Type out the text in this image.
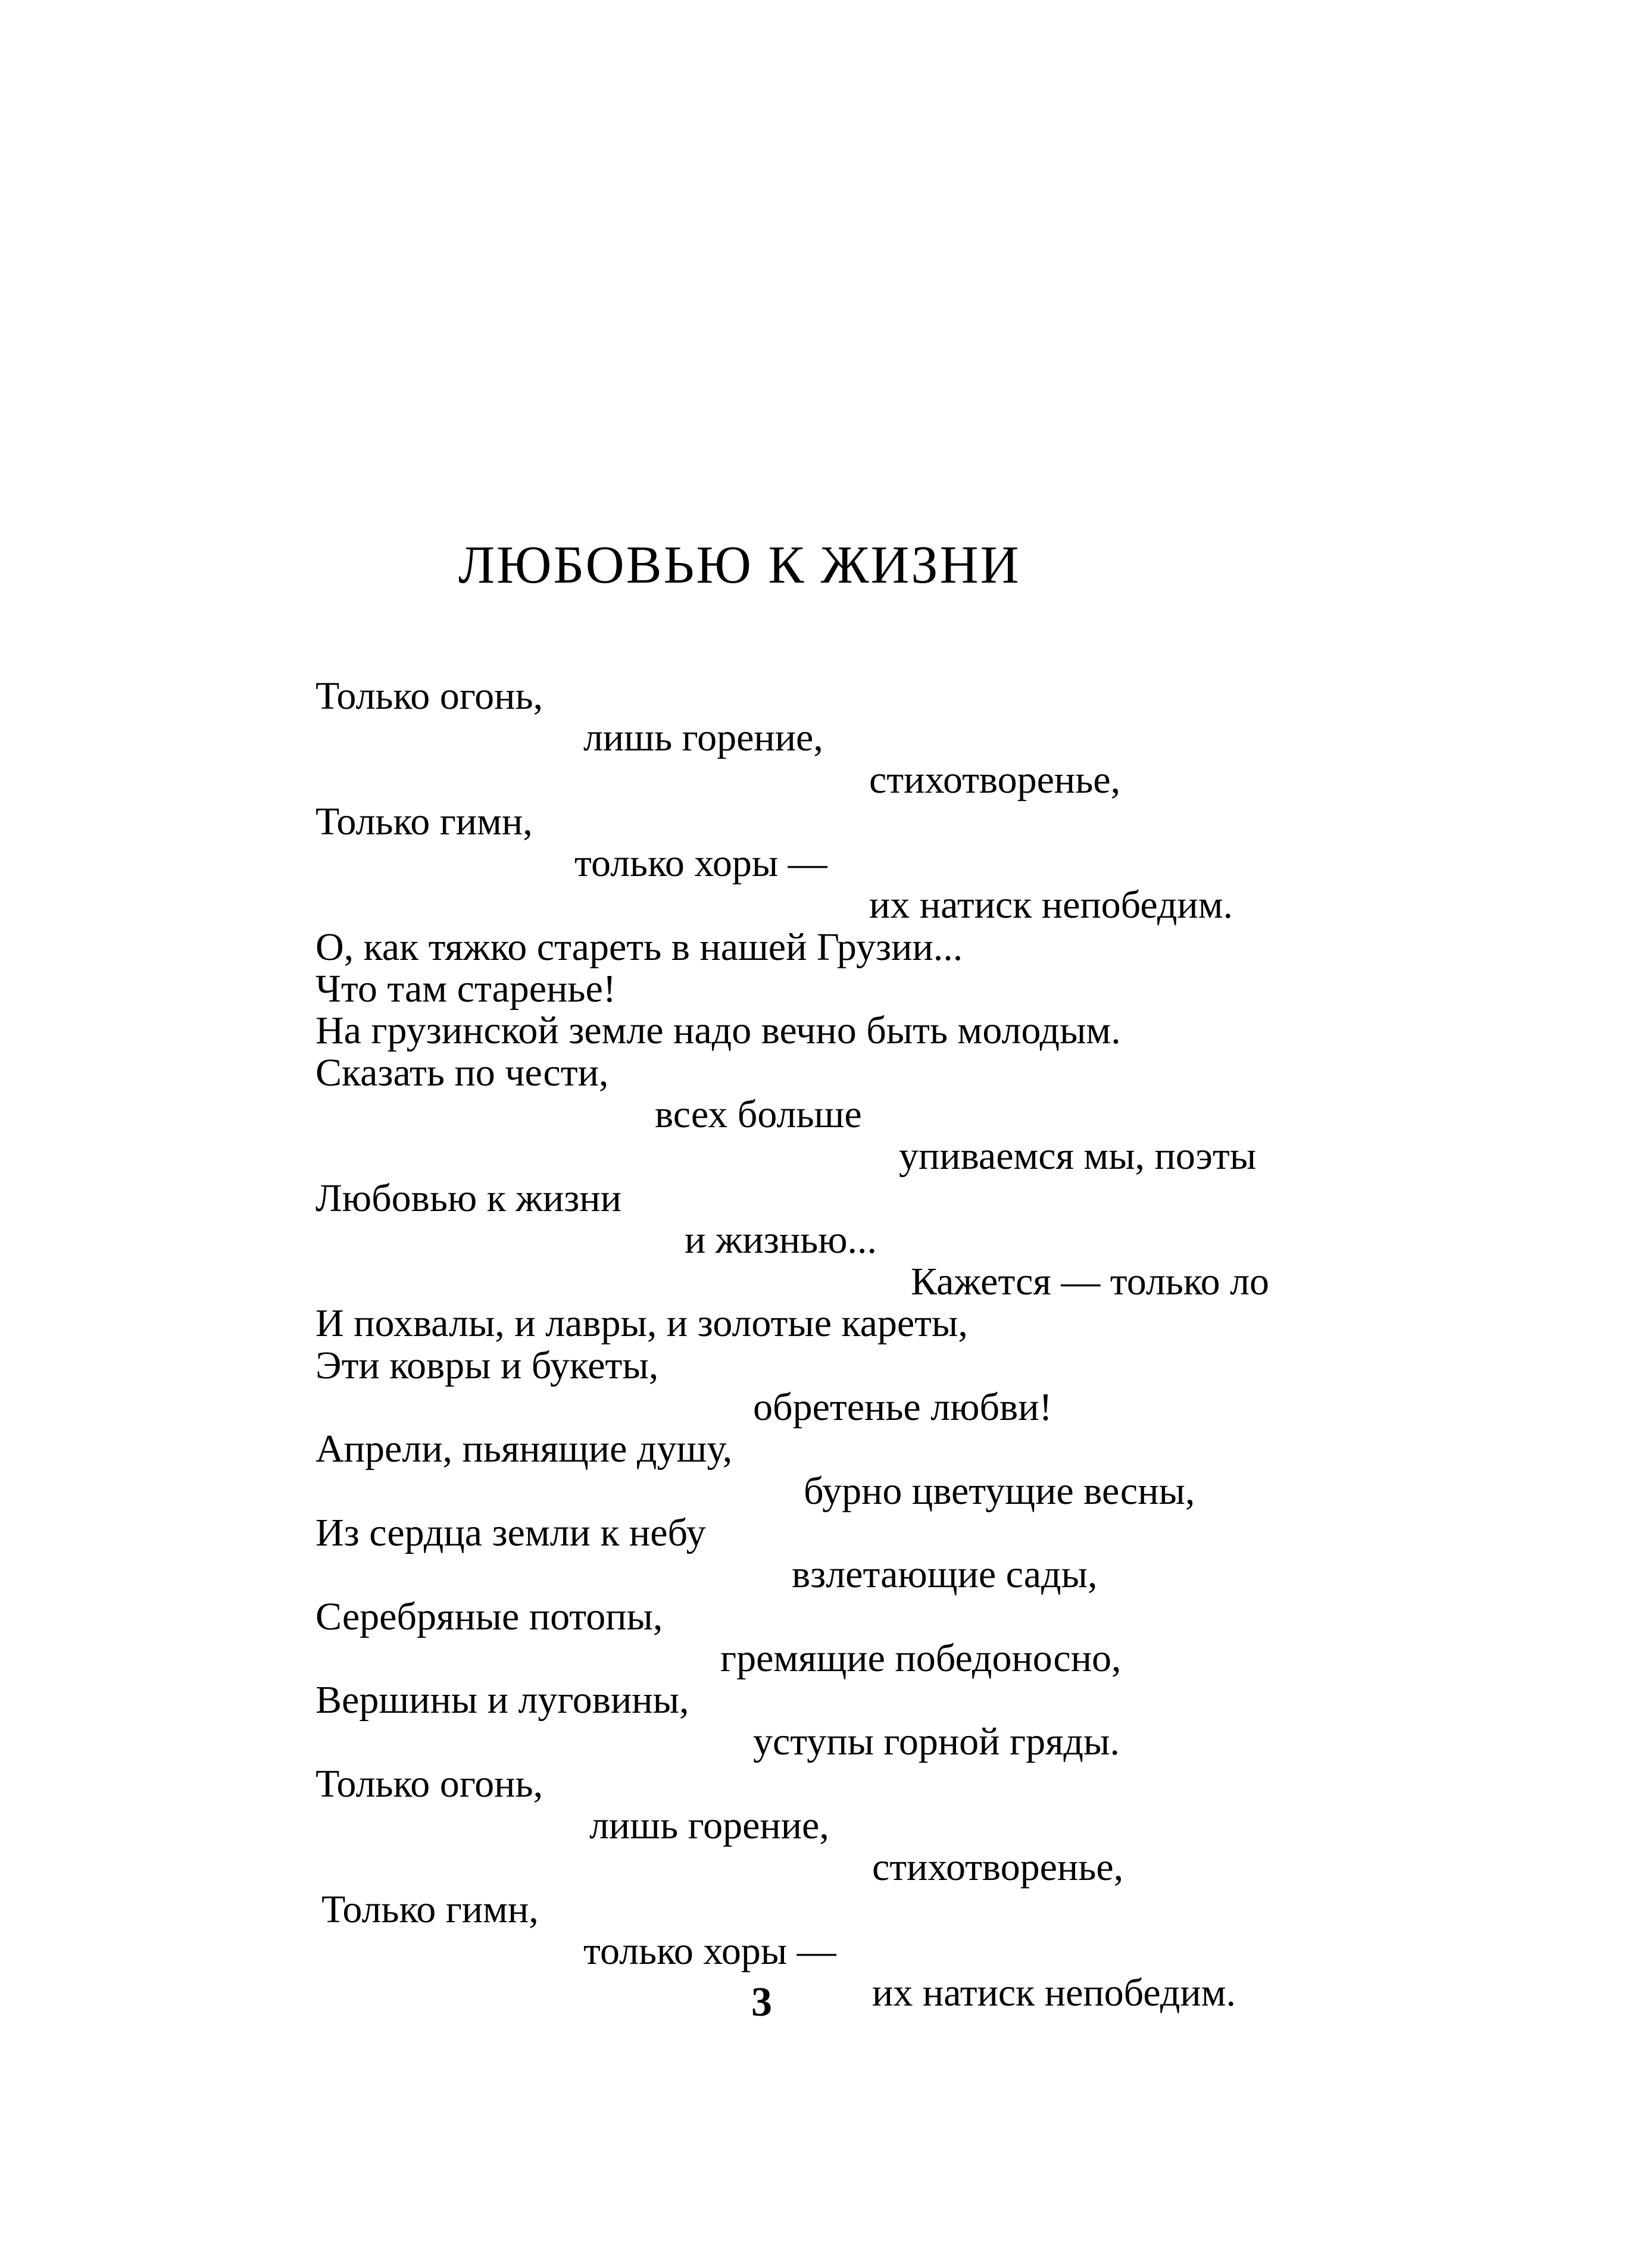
ЛЮБОВЬЮ К ЖИЗНИ
Только огонь,
лишь горение,
стихотворенье,
Только гимн,
только хоры —
их натиск непобедим.
О, как тяжко стареть в нашей Грузии...
Что там старенье!
На грузинской земле надо вечно быть молодым.
Сказать по чести,
всех больше
упиваемся мы, поэты
Любовью к жизни
и жизнью...
Кажется — только ло
И похвалы, и лавры, и золотые кареты,
Эти ковры и букеты,
обретенье любви!
Апрели, пьянящие душу,
бурно цветущие весны,
Из сердца земли к небу
взлетающие сады,
Серебряные потопы,
гремящие победоносно,
Вершины и луговины,
уступы горной гряды.
Только огонь,
лишь горение,
стихотворенье,
Только гимн,
только хоры —
их натиск непобедим.
3
